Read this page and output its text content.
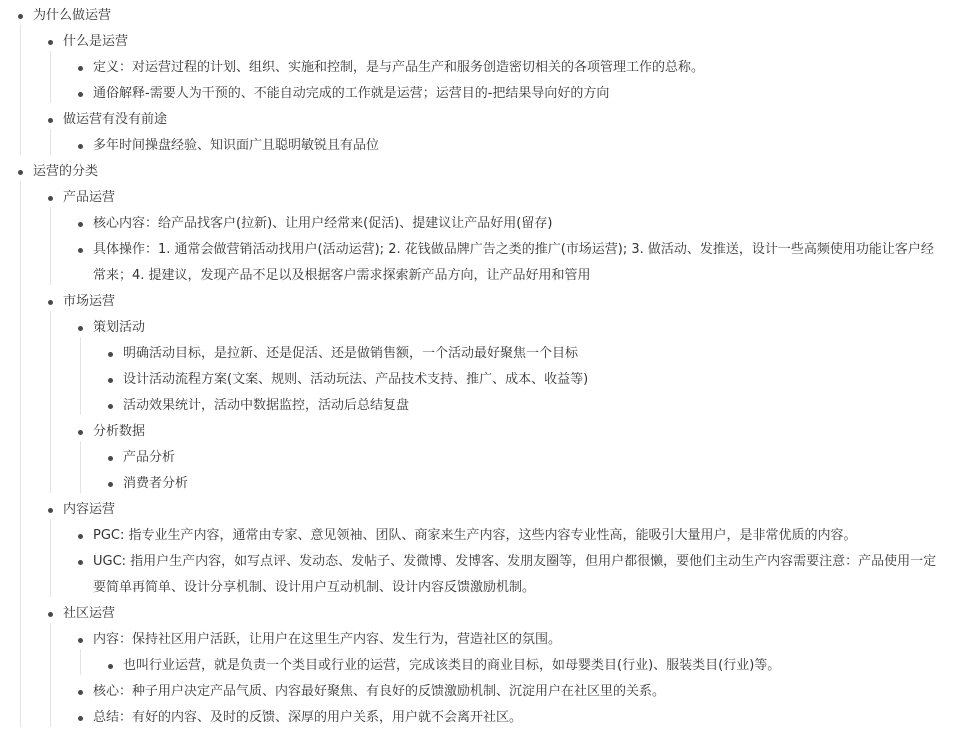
为什么做运营
什么是运营
定义：对运营过程的计划、组织、实施和控制，是与产品生产和服务创造密切相关的各项管理工作的总称。
通俗解释-需要人为干预的、不能自动完成的工作就是运营；运营目的-把结果导向好的方向
做运营有没有前途
多年时间操盘经验、知识面广且聪明敏锐且有品位
运营的分类
产品运营
核心内容：给产品找客户(拉新)、让用户经常来(促活)、提建议让产品好用(留存)
具体操作：1. 通常会做营销活动找用户(活动运营); 2. 花钱做品牌广告之类的推广(市场运营); 3. 做活动、发推送，设计一些高频使用功能让客户经常来；4. 提建议，发现产品不足以及根据客户需求探索新产品方向，让产品好用和管用
市场运营
策划活动
明确活动目标，是拉新、还是促活、还是做销售额，一个活动最好聚焦一个目标
设计活动流程方案(文案、规则、活动玩法、产品技术支持、推广、成本、收益等)
活动效果统计，活动中数据监控，活动后总结复盘
分析数据
产品分析
消费者分析
内容运营
PGC: 指专业生产内容，通常由专家、意见领袖、团队、商家来生产内容，这些内容专业性高，能吸引大量用户，是非常优质的内容。
UGC: 指用户生产内容，如写点评、发动态、发帖子、发微博、发博客、发朋友圈等，但用户都很懒，要他们主动生产内容需要注意：产品使用一定要简单再简单、设计分享机制、设计用户互动机制、设计内容反馈激励机制。
社区运营
内容：保持社区用户活跃，让用户在这里生产内容、发生行为，营造社区的氛围。
也叫行业运营，就是负责一个类目或行业的运营，完成该类目的商业目标，如母婴类目(行业)、服装类目(行业)等。
核心：种子用户决定产品气质、内容最好聚焦、有良好的反馈激励机制、沉淀用户在社区里的关系。
总结：有好的内容、及时的反馈、深厚的用户关系，用户就不会离开社区。
